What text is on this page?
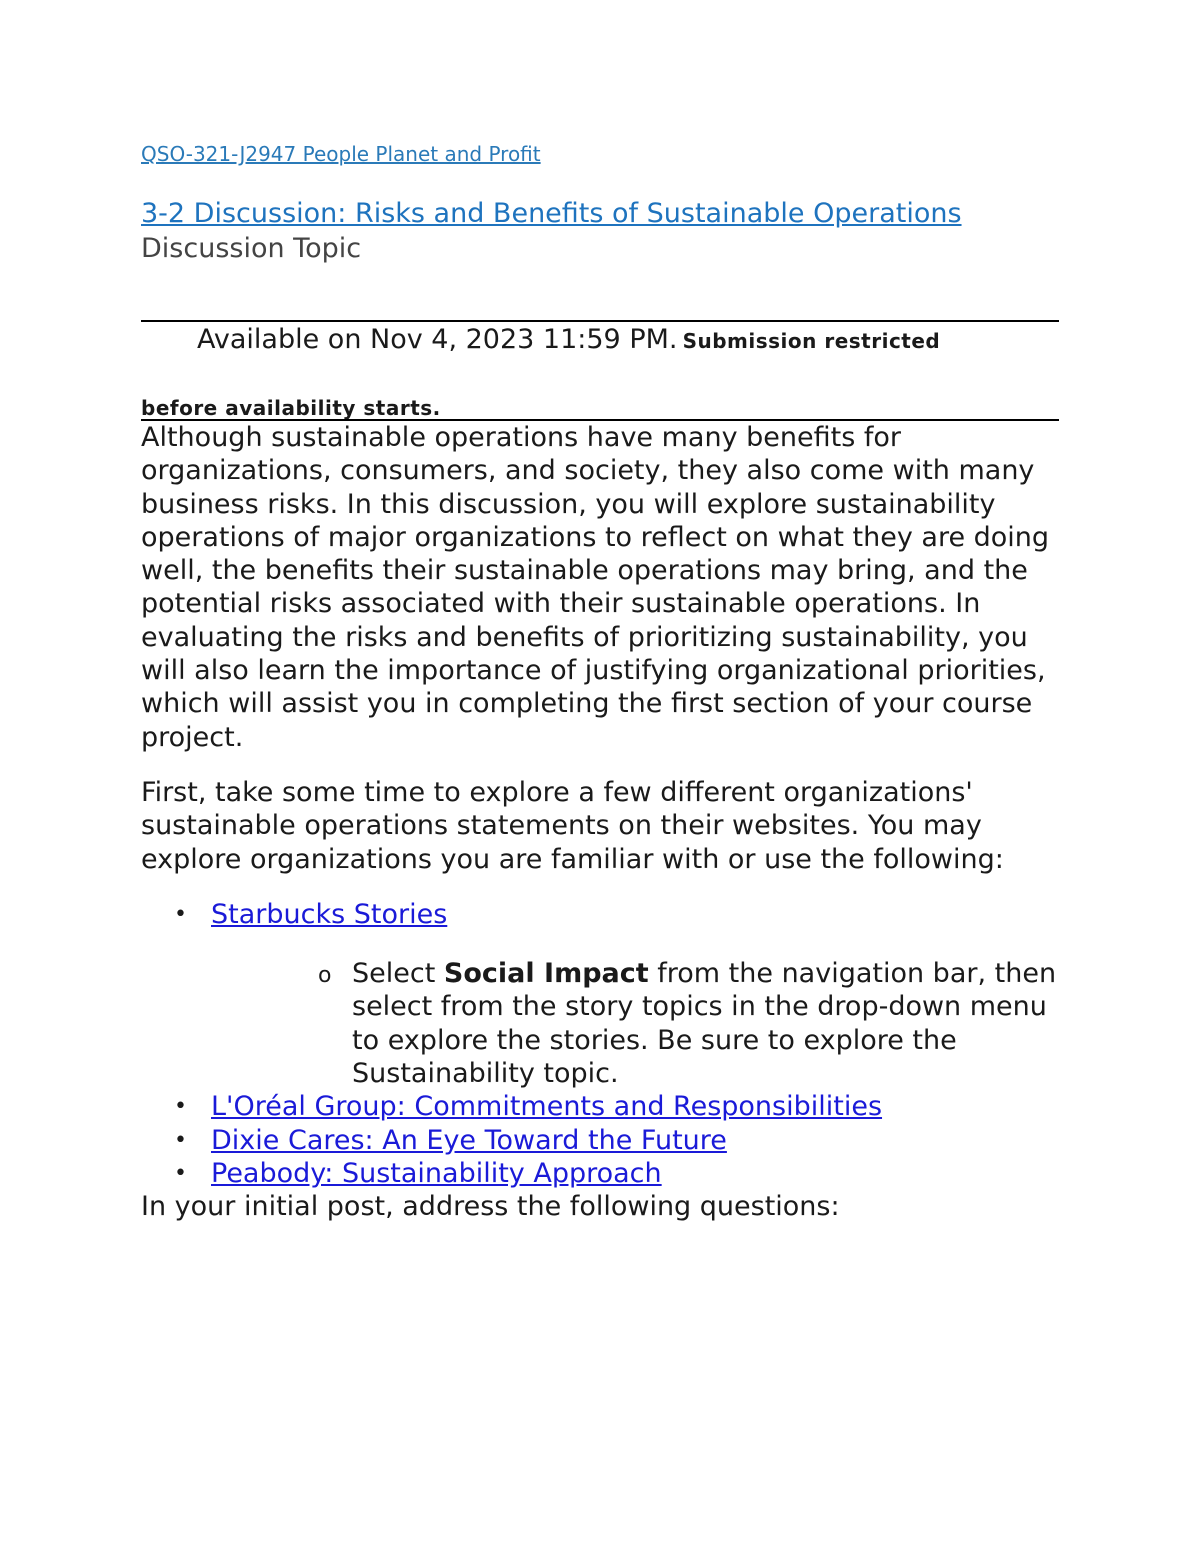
QSO-321-J2947 People Planet and Profit
3-2 Discussion: Risks and Benefits of Sustainable Operations
Discussion Topic
Available on Nov 4, 2023 11:59 PM. Submission restricted
before availability starts.

Although sustainable operations have many benefits for organizations, consumers, and society, they also come with many business risks. In this discussion, you will explore sustainability operations of major organizations to reflect on what they are doing well, the benefits their sustainable operations may bring, and the potential risks associated with their sustainable operations. In evaluating the risks and benefits of prioritizing sustainability, you will also learn the importance of justifying organizational priorities, which will assist you in completing the first section of your course project.

First, take some time to explore a few different organizations' sustainable operations statements on their websites. You may explore organizations you are familiar with or use the following:

• Starbucks Stories
o Select Social Impact from the navigation bar, then select from the story topics in the drop-down menu to explore the stories. Be sure to explore the Sustainability topic.
• L'Oréal Group: Commitments and Responsibilities
• Dixie Cares: An Eye Toward the Future
• Peabody: Sustainability Approach

In your initial post, address the following questions:
